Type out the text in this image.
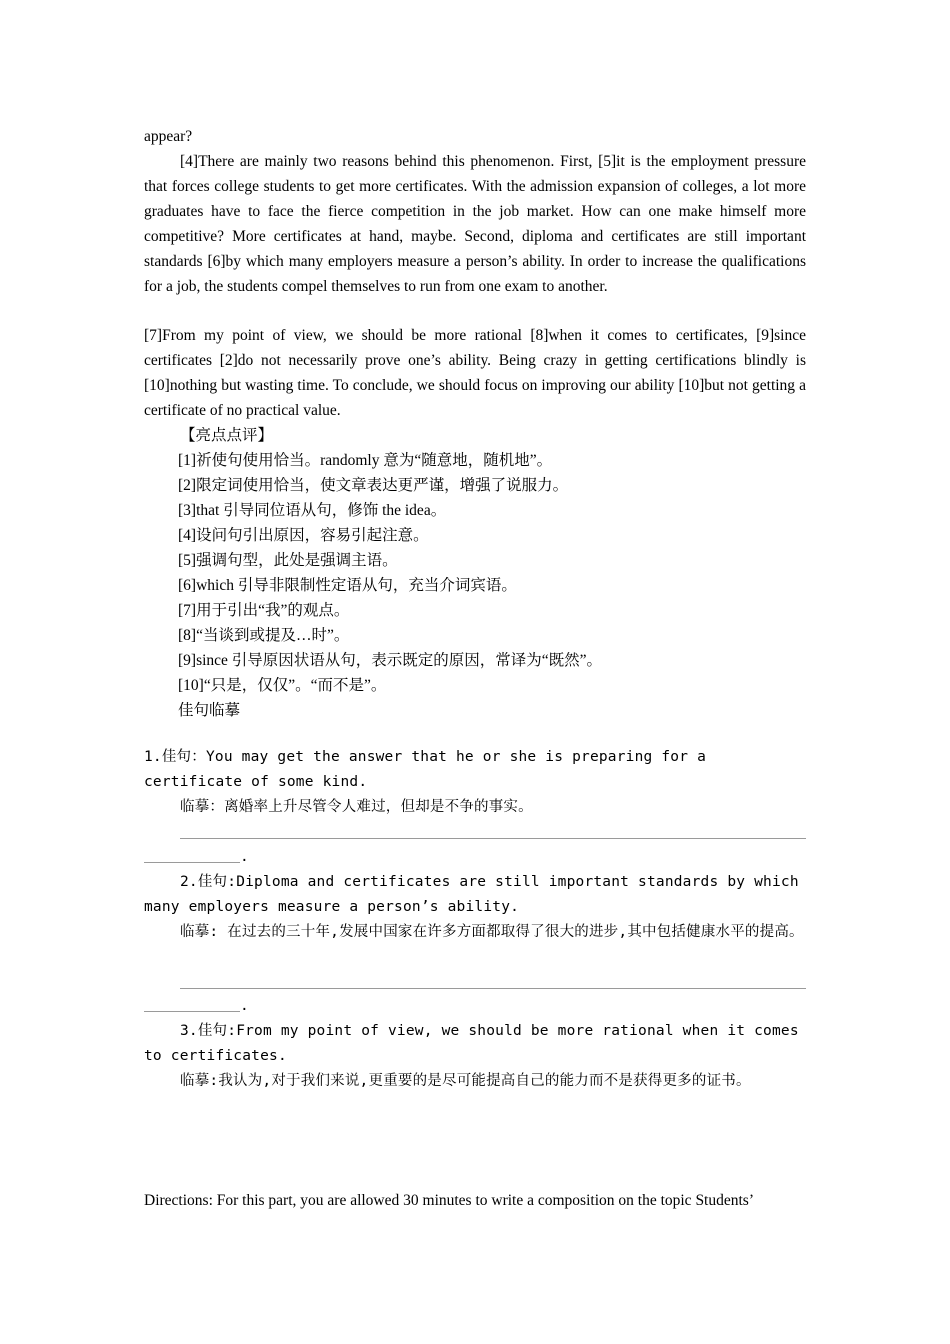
appear?

[4]There are mainly two reasons behind this phenomenon. First, [5]it is the employment pressure that forces college students to get more certificates. With the admission expansion of colleges, a lot more graduates have to face the fierce competition in the job market. How can one make himself more competitive? More certificates at hand, maybe. Second, diploma and certificates are still important standards [6]by which many employers measure a person’s ability. In order to increase the qualifications for a job, the students compel themselves to run from one exam to another.

[7]From my point of view, we should be more rational [8]when it comes to certificates, [9]since certificates [2]do not necessarily prove one’s ability. Being crazy in getting certifications blindly is [10]nothing but wasting time. To conclude, we should focus on improving our ability [10]but not getting a certificate of no practical value.

【亮点点评】
[1]祈使句使用恰当。randomly 意为“随意地，随机地”。
[2]限定词使用恰当，使文章表达更严谨，增强了说服力。
[3]that 引导同位语从句，修饰 the idea。
[4]设问句引出原因，容易引起注意。
[5]强调句型，此处是强调主语。
[6]which 引导非限制性定语从句，充当介词宾语。
[7]用于引出“我”的观点。
[8]“当谈到或提及…时”。
[9]since 引导原因状语从句，表示既定的原因，常译为“既然”。
[10]“只是，仅仅”。“而不是”。
佳句临摹

1.佳句：You may get the answer that he or she is preparing for a certificate of some kind.

临摹：离婚率上升尽管令人难过，但却是不争的事实。

.

2.佳句:Diploma and certificates are still important standards by which many employers measure a person’s ability.

临摹: 在过去的三十年,发展中国家在许多方面都取得了很大的进步,其中包括健康水平的提高。

.

3.佳句:From my point of view, we should be more rational when it comes to certificates.

临摹:我认为,对于我们来说,更重要的是尽可能提高自己的能力而不是获得更多的证书。

Directions: For this part, you are allowed 30 minutes to write a composition on the topic Students’
